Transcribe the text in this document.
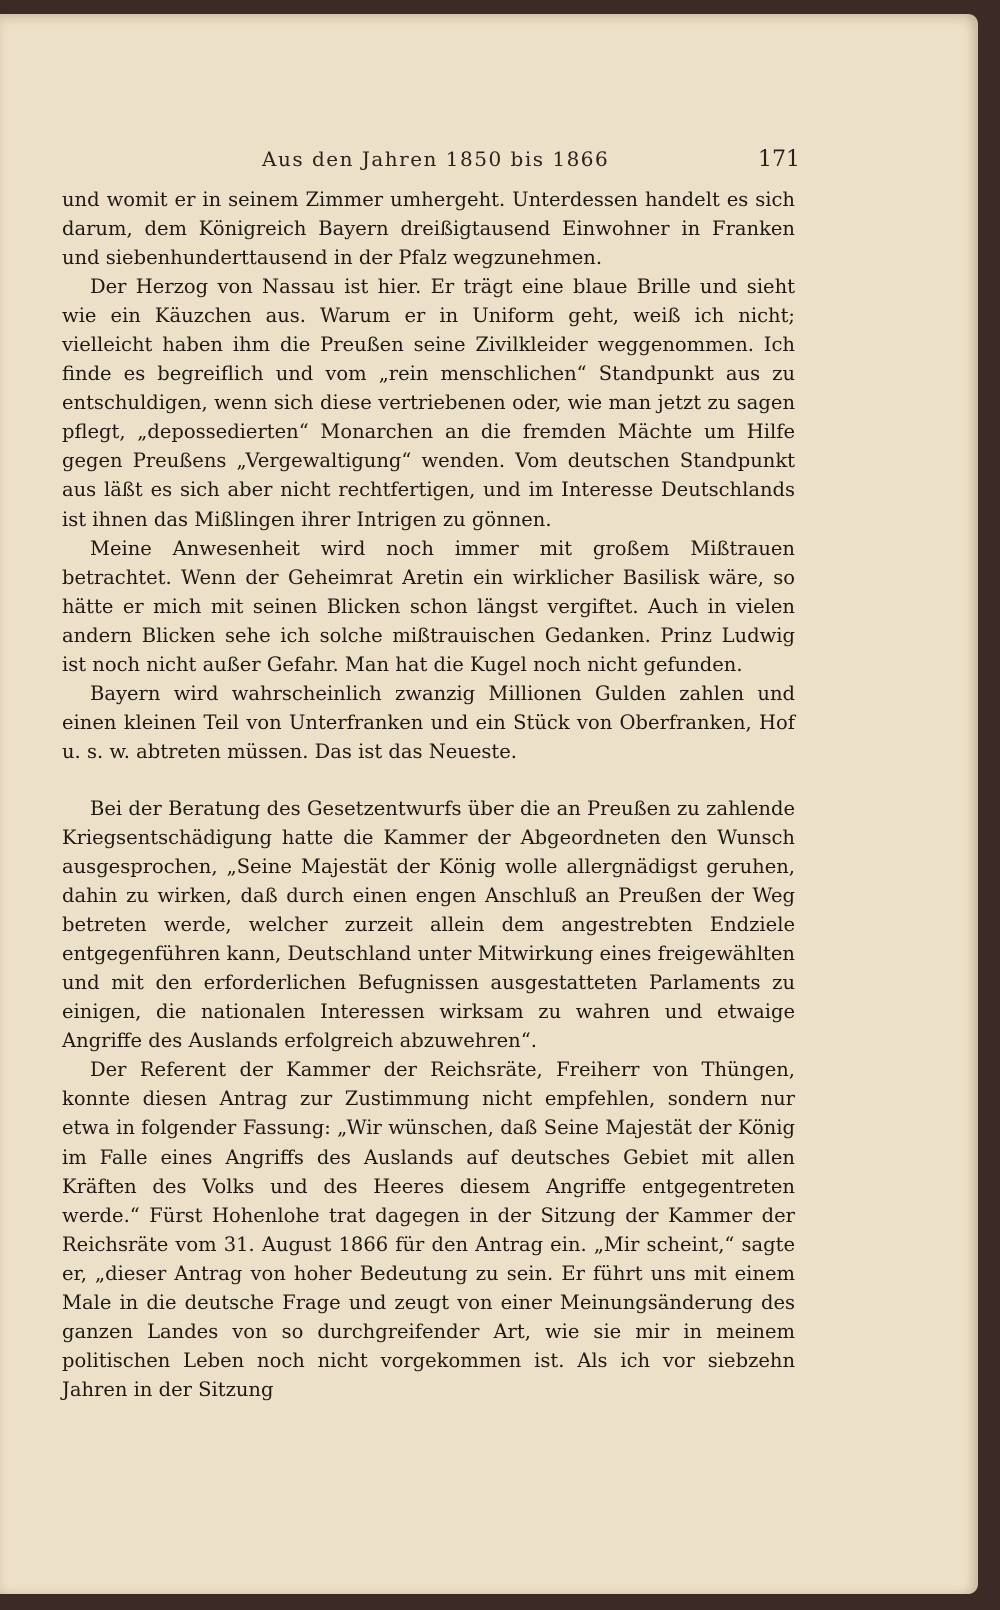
Aus den Jahren 1850 bis 1866	171

und womit er in seinem Zimmer umhergeht. Unterdessen handelt es sich darum, dem Königreich Bayern dreißigtausend Einwohner in Franken und siebenhunderttausend in der Pfalz wegzunehmen.

Der Herzog von Nassau ist hier. Er trägt eine blaue Brille und sieht wie ein Käuzchen aus. Warum er in Uniform geht, weiß ich nicht; vielleicht haben ihm die Preußen seine Zivilkleider weggenommen. Ich finde es begreiflich und vom „rein menschlichen“ Standpunkt aus zu entschuldigen, wenn sich diese vertriebenen oder, wie man jetzt zu sagen pflegt, „depossedierten“ Monarchen an die fremden Mächte um Hilfe gegen Preußens „Vergewaltigung“ wenden. Vom deutschen Standpunkt aus läßt es sich aber nicht rechtfertigen, und im Interesse Deutschlands ist ihnen das Mißlingen ihrer Intrigen zu gönnen.

Meine Anwesenheit wird noch immer mit großem Mißtrauen betrachtet. Wenn der Geheimrat Aretin ein wirklicher Basilisk wäre, so hätte er mich mit seinen Blicken schon längst vergiftet. Auch in vielen andern Blicken sehe ich solche mißtrauischen Gedanken. Prinz Ludwig ist noch nicht außer Gefahr. Man hat die Kugel noch nicht gefunden.

Bayern wird wahrscheinlich zwanzig Millionen Gulden zahlen und einen kleinen Teil von Unterfranken und ein Stück von Oberfranken, Hof u. s. w. abtreten müssen. Das ist das Neueste.

Bei der Beratung des Gesetzentwurfs über die an Preußen zu zahlende Kriegsentschädigung hatte die Kammer der Abgeordneten den Wunsch ausgesprochen, „Seine Majestät der König wolle allergnädigst geruhen, dahin zu wirken, daß durch einen engen Anschluß an Preußen der Weg betreten werde, welcher zurzeit allein dem angestrebten Endziele entgegenführen kann, Deutschland unter Mitwirkung eines freigewählten und mit den erforderlichen Befugnissen ausgestatteten Parlaments zu einigen, die nationalen Interessen wirksam zu wahren und etwaige Angriffe des Auslands erfolgreich abzuwehren“.

Der Referent der Kammer der Reichsräte, Freiherr von Thüngen, konnte diesen Antrag zur Zustimmung nicht empfehlen, sondern nur etwa in folgender Fassung: „Wir wünschen, daß Seine Majestät der König im Falle eines Angriffs des Auslands auf deutsches Gebiet mit allen Kräften des Volks und des Heeres diesem Angriffe entgegentreten werde.“ Fürst Hohenlohe trat dagegen in der Sitzung der Kammer der Reichsräte vom 31. August 1866 für den Antrag ein. „Mir scheint,“ sagte er, „dieser Antrag von hoher Bedeutung zu sein. Er führt uns mit einem Male in die deutsche Frage und zeugt von einer Meinungsänderung des ganzen Landes von so durchgreifender Art, wie sie mir in meinem politischen Leben noch nicht vorgekommen ist. Als ich vor siebzehn Jahren in der Sitzung
